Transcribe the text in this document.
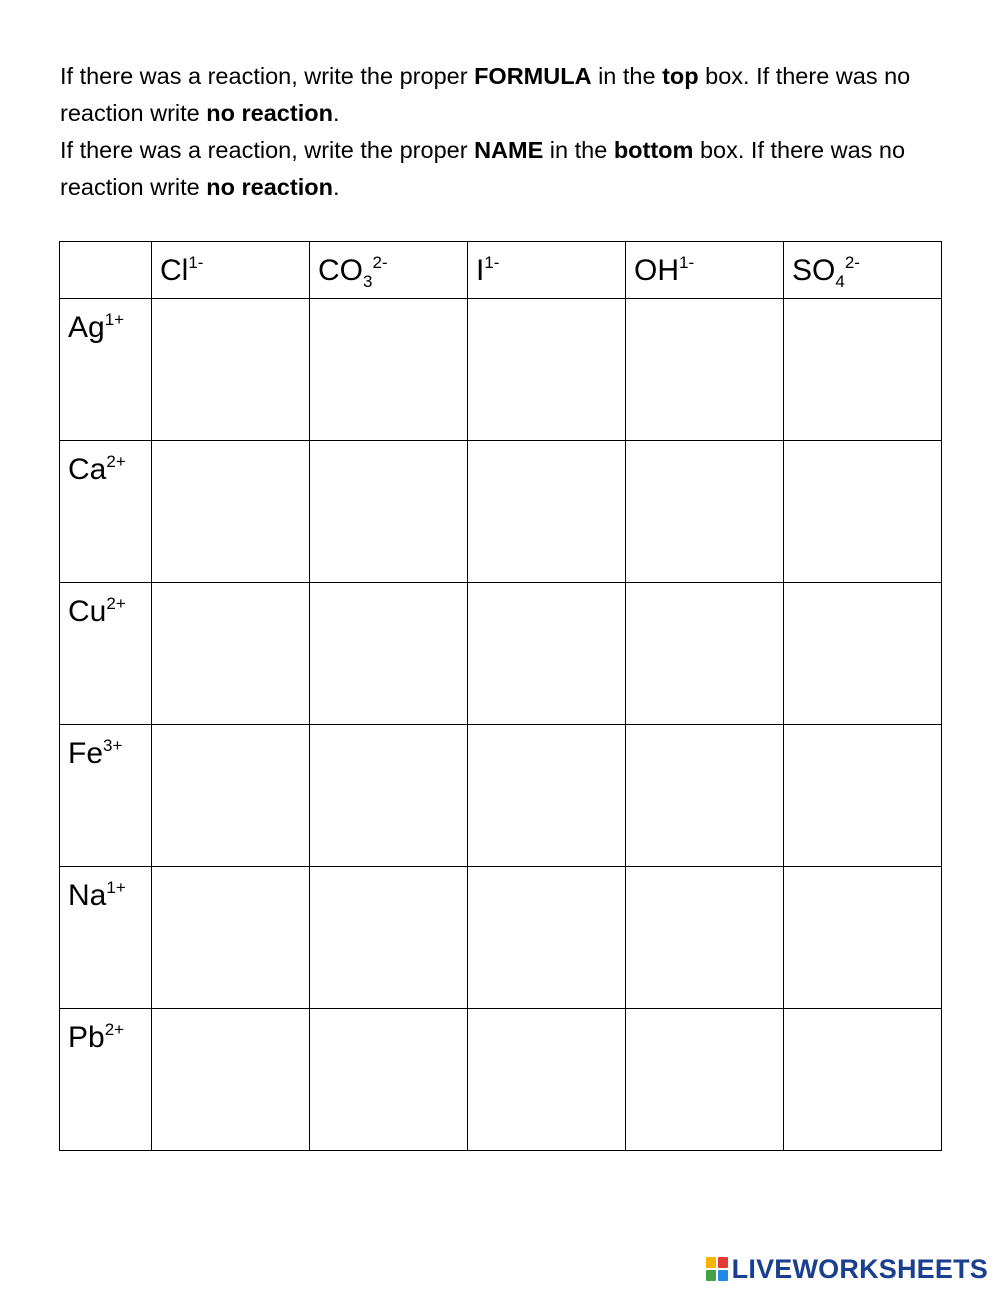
If there was a reaction, write the proper FORMULA in the top box. If there was no reaction write no reaction.

If there was a reaction, write the proper NAME in the bottom box. If there was no reaction write no reaction.

	$Cl^{1-}$	$CO_3^{2-}$	$I^{1-}$	$OH^{1-}$	$SO_4^{2-}$

$Ag^{1+}$

$Ca^{2+}$

$Cu^{2+}$

$Fe^{3+}$

$Na^{1+}$

$Pb^{2+}$

LIVEWORKSHEETS
